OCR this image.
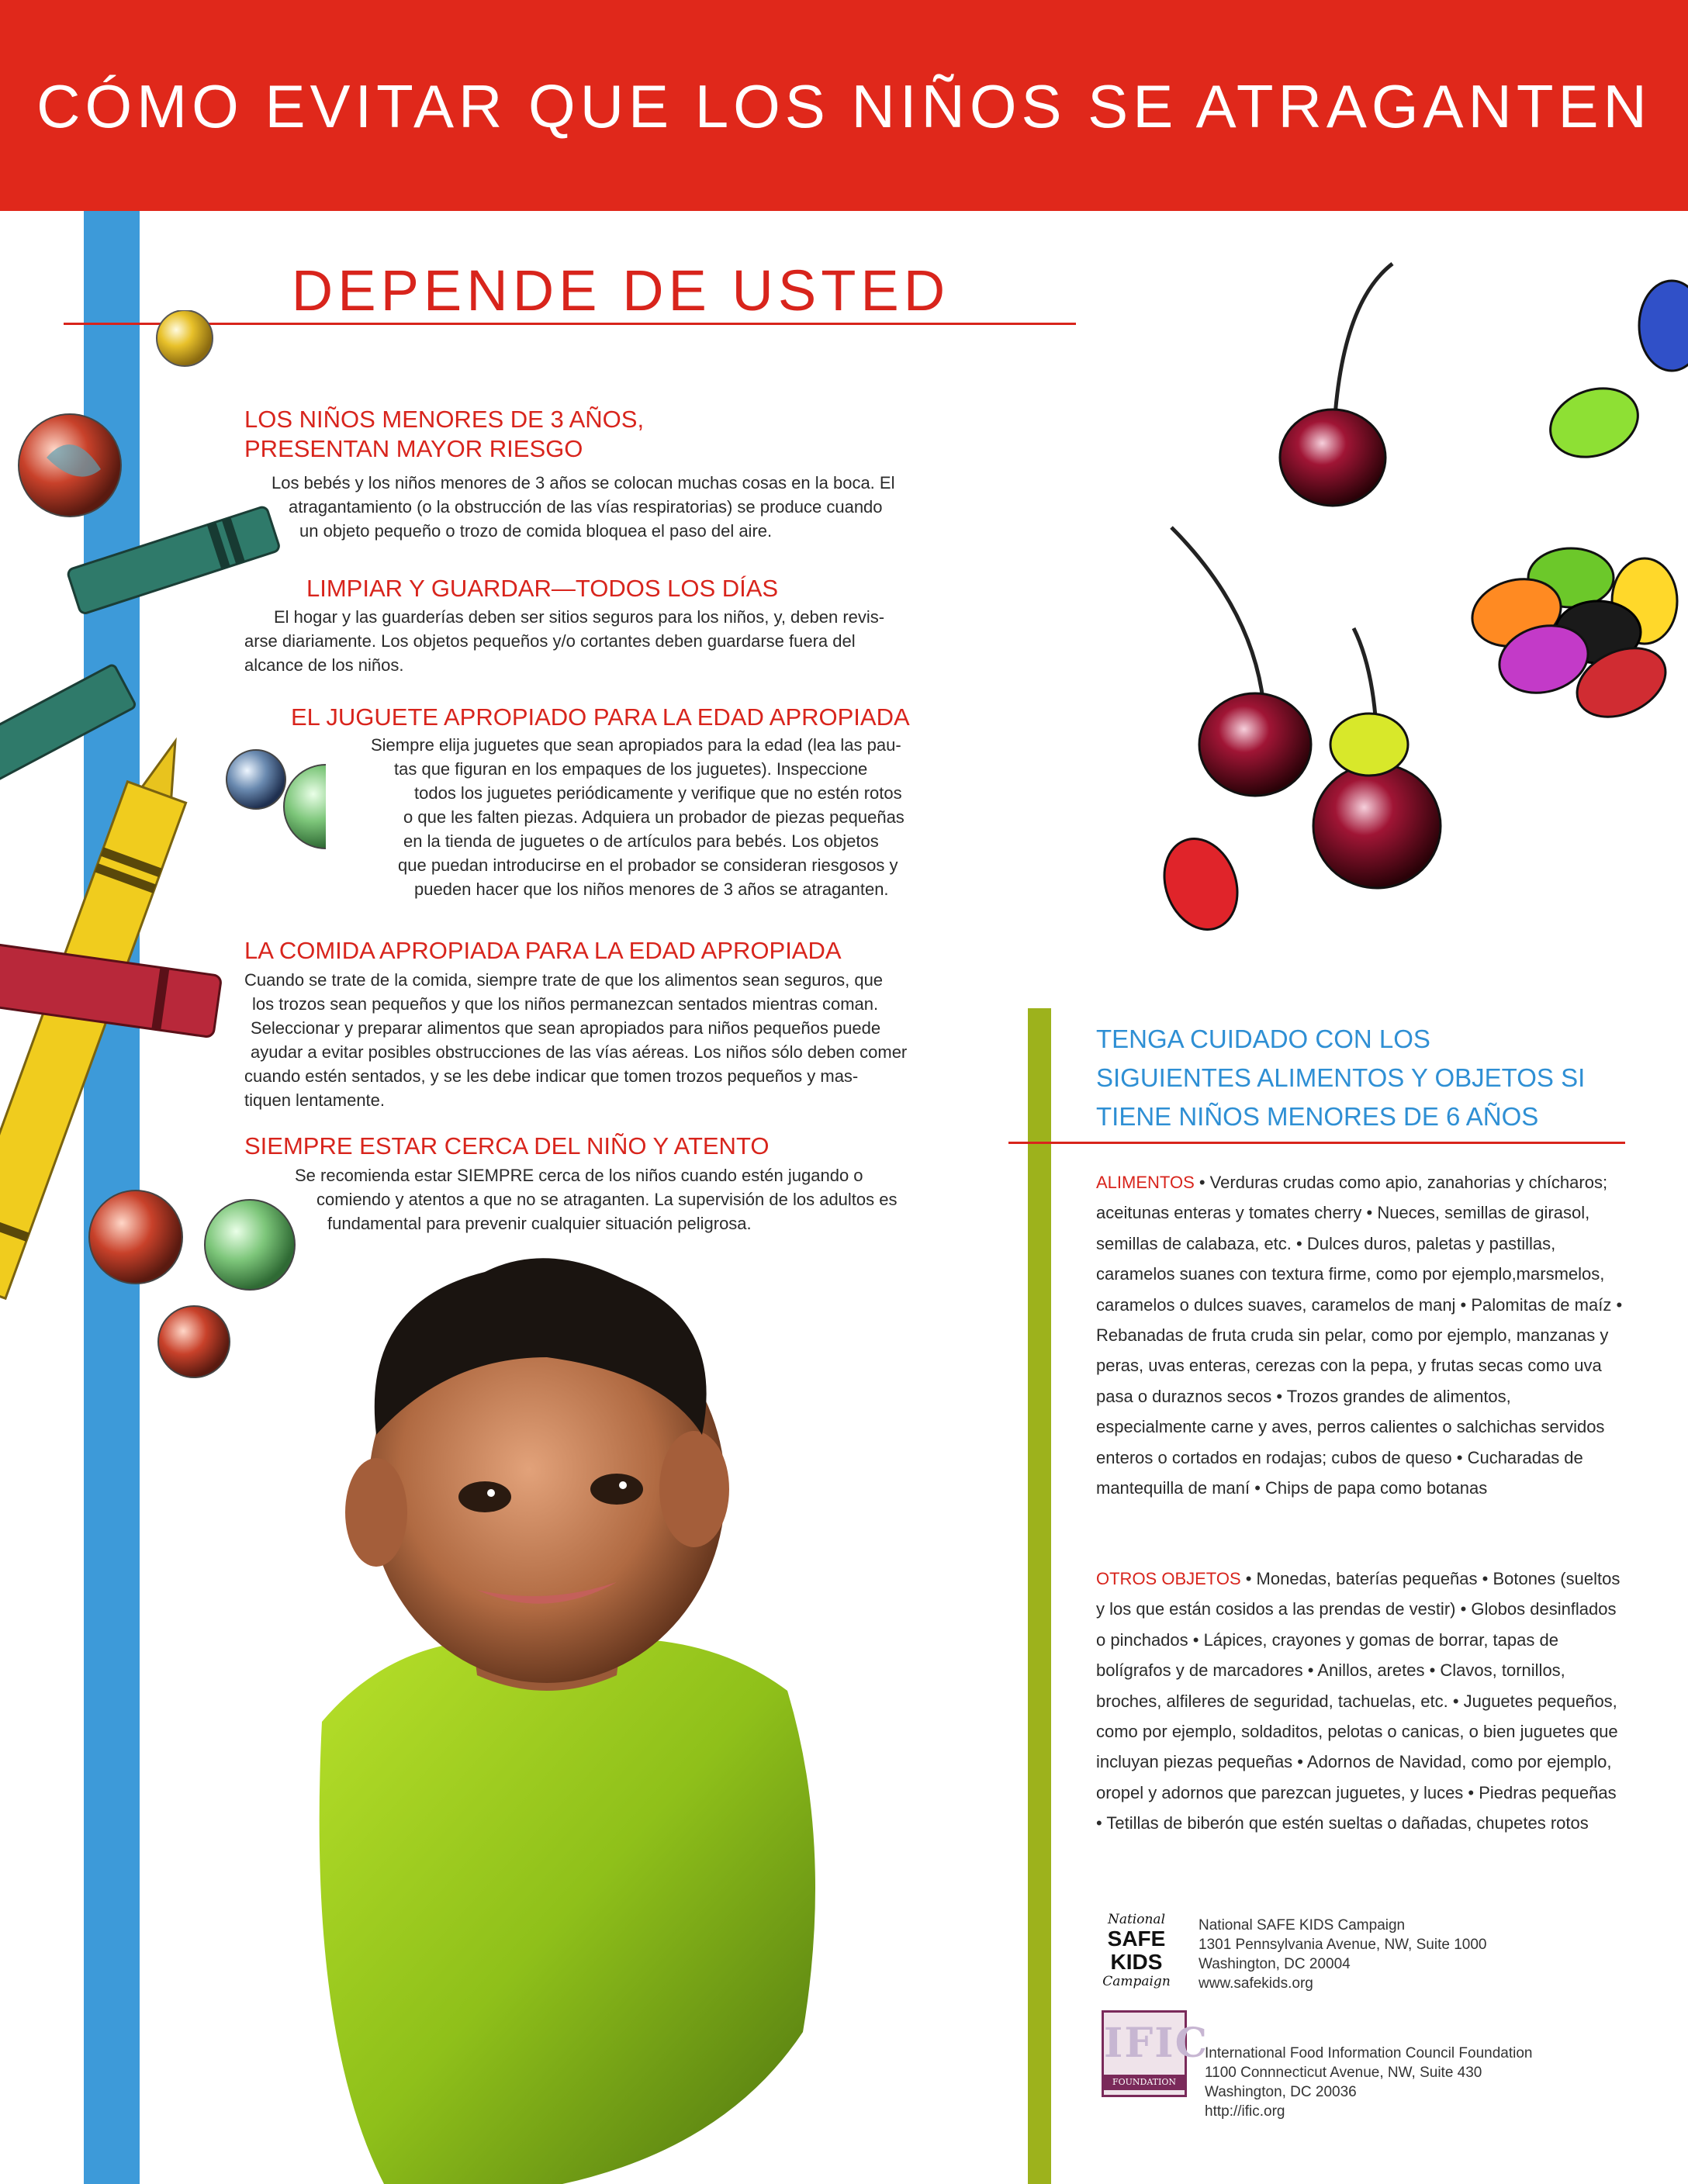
CÓMO EVITAR QUE LOS NIÑOS SE ATRAGANTEN
DEPENDE DE USTED
LOS NIÑOS MENORES DE 3 AÑOS,
PRESENTAN MAYOR RIESGO
Los bebés y los niños menores de 3 años se colocan muchas cosas en la boca. El
atragantamiento (o la obstrucción de las vías respiratorias) se produce cuando
un objeto pequeño o trozo de comida bloquea el paso del aire.
LIMPIAR Y GUARDAR—TODOS LOS DÍAS
El hogar y las guarderías deben ser sitios seguros para los niños, y, deben revis-
arse diariamente. Los objetos pequeños y/o cortantes deben guardarse fuera del
alcance de los niños.
EL JUGUETE APROPIADO PARA LA EDAD APROPIADA
Siempre elija juguetes que sean apropiados para la edad (lea las pau-
tas que figuran en los empaques de los juguetes). Inspeccione
todos los juguetes periódicamente y verifique que no estén rotos
o que les falten piezas. Adquiera un probador de piezas pequeñas
en la tienda de juguetes o de artículos para bebés. Los objetos
que puedan introducirse en el probador se consideran riesgosos y
pueden hacer que los niños menores de 3 años se atraganten.
LA COMIDA APROPIADA PARA LA EDAD APROPIADA
Cuando se trate de la comida, siempre trate de que los alimentos sean seguros, que
los trozos sean pequeños y que los niños permanezcan sentados mientras coman.
Seleccionar y preparar alimentos que sean apropiados para niños pequeños puede
ayudar a evitar posibles obstrucciones de las vías aéreas. Los niños sólo deben comer
cuando estén sentados, y se les debe indicar que tomen trozos pequeños y mas-
tiquen lentamente.
SIEMPRE ESTAR CERCA DEL NIÑO Y ATENTO
Se recomienda estar SIEMPRE cerca de los niños cuando estén jugando o
comiendo y atentos a que no se atraganten. La supervisión de los adultos es
fundamental para prevenir cualquier situación peligrosa.
TENGA CUIDADO CON LOS
SIGUIENTES ALIMENTOS Y OBJETOS SI
TIENE NIÑOS MENORES DE 6 AÑOS
ALIMENTOS • Verduras crudas como apio, zanahorias y chícharos; aceitunas enteras y tomates cherry • Nueces, semillas de girasol, semillas de calabaza, etc. • Dulces duros, paletas y pastillas, caramelos suanes con textura firme, como por ejemplo,marsmelos, caramelos o dulces suaves, caramelos de manj • Palomitas de maíz • Rebanadas de fruta cruda sin pelar, como por ejemplo, manzanas y peras, uvas enteras, cerezas con la pepa, y frutas secas como uva pasa o duraznos secos • Trozos grandes de alimentos, especialmente carne y aves, perros calientes o salchichas servidos enteros o cortados en rodajas; cubos de queso • Cucharadas de mantequilla de maní • Chips de papa como botanas
OTROS OBJETOS • Monedas, baterías pequeñas • Botones (sueltos y los que están cosidos a las prendas de vestir) • Globos desinflados o pinchados • Lápices, crayones y gomas de borrar, tapas de bolígrafos y de marcadores • Anillos, aretes • Clavos, tornillos, broches, alfileres de seguridad, tachuelas, etc. • Juguetes pequeños, como por ejemplo, soldaditos, pelotas o canicas, o bien juguetes que incluyan piezas pequeñas • Adornos de Navidad, como por ejemplo, oropel y adornos que parezcan juguetes, y luces • Piedras pequeñas • Tetillas de biberón que estén sueltas o dañadas, chupetes rotos
National
SAFE
KIDS
Campaign
National SAFE KIDS Campaign
1301 Pennsylvania Avenue, NW, Suite 1000
Washington, DC 20004
www.safekids.org
IFIC
FOUNDATION
International Food Information Council Foundation
1100 Connnecticut Avenue, NW, Suite 430
Washington, DC 20036
http://ific.org
